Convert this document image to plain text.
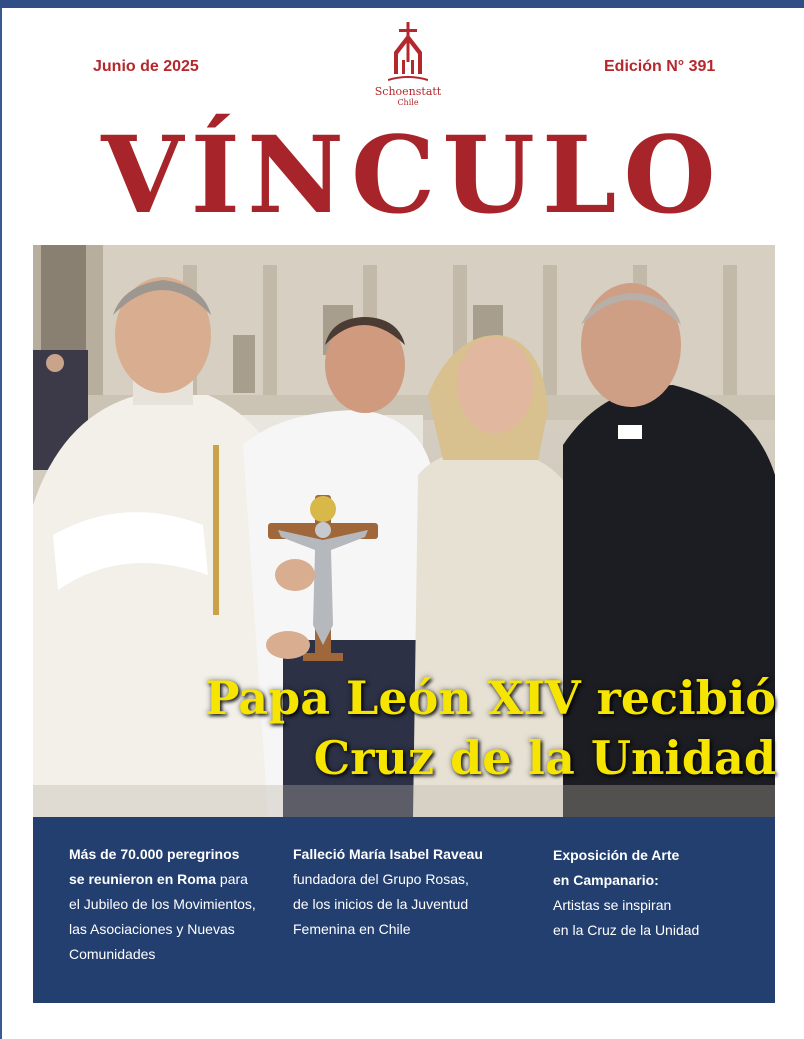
Junio de 2025	Edición N° 391
Schoenstatt
Chile
VÍNCULO
Papa León XIV recibió
Cruz de la Unidad
Más de 70.000 peregrinos
se reunieron en Roma para
el Jubileo de los Movimientos,
las Asociaciones y Nuevas
Comunidades
Falleció María Isabel Raveau
fundadora del Grupo Rosas,
de los inicios de la Juventud
Femenina en Chile
Exposición de Arte
en Campanario:
Artistas se inspiran
en la Cruz de la Unidad
